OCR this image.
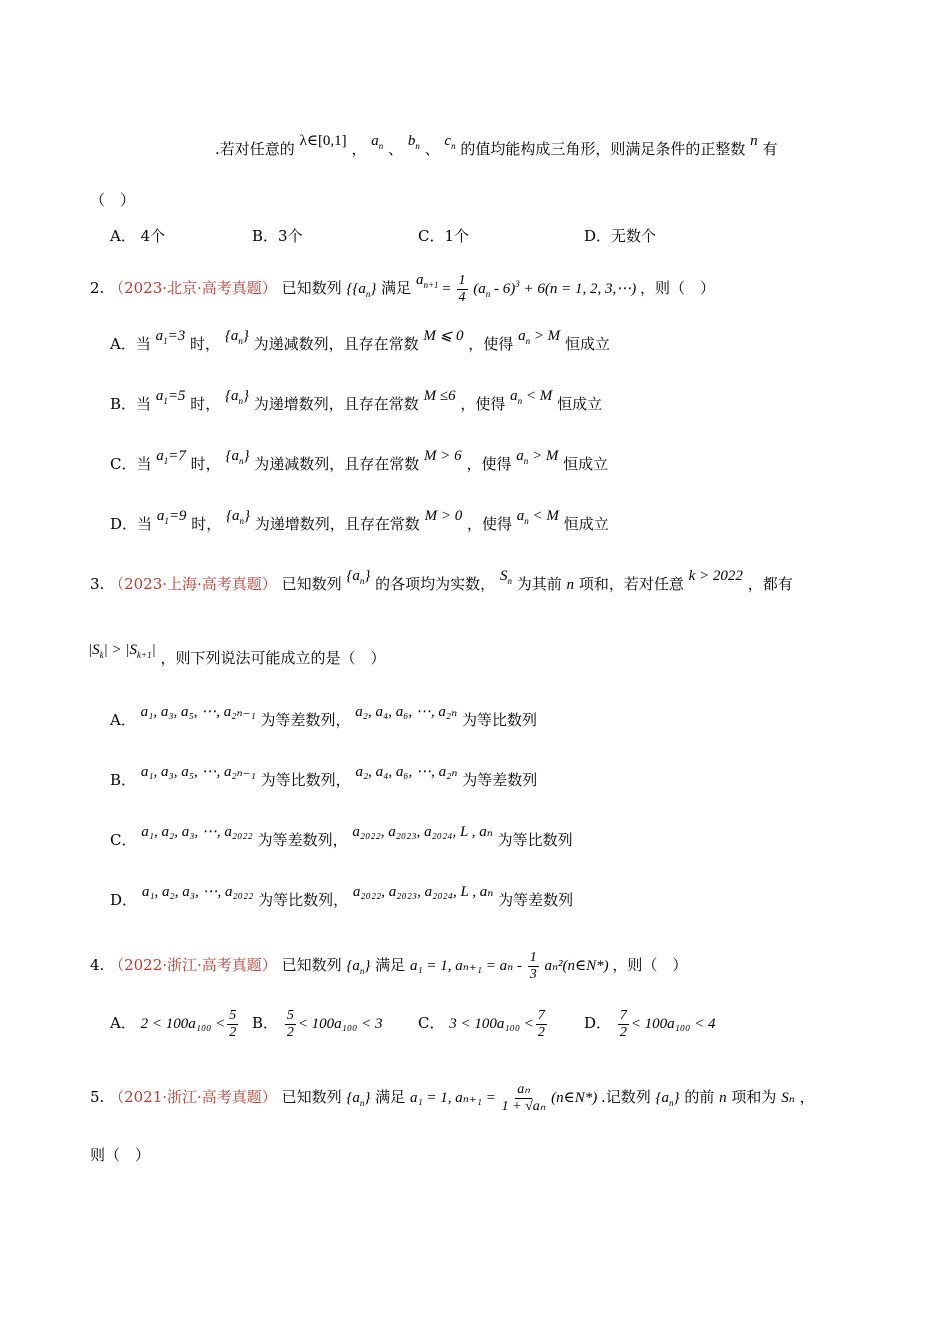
.若对任意的 λ∈[0,1] ， $a_n$ 、 $b_n$ 、 $c_n$ 的值均能构成三角形，则满足条件的正整数 n 有
（　）
A． 4个	B．3个	C．1个	D．无数个
2. （2023·北京·高考真题） 已知数列 {$\{a_n\}$ 满足 $a_{n+1} = \frac{1}{4} (a_n - 6)^3 + 6(n = 1$, 2, 3,⋯) ，则（　）
A．当 $a_1=3$ 时， $\{a_n\}$ 为递减数列，且存在常数 M ⩽ 0 ，使得 $a_n > M$ 恒成立
B．当 $a_1=5$ 时， $\{a_n\}$ 为递增数列，且存在常数 M ≤6 ，使得 $a_n < M$ 恒成立
C．当 $a_1=7$ 时， $\{a_n\}$ 为递减数列，且存在常数 M > 6 ，使得 $a_n > M$ 恒成立
D．当 $a_1=9$ 时， $\{a_n\}$ 为递增数列，且存在常数 M > 0 ，使得 $a_n < M$ 恒成立
3. （2023·上海·高考真题） 已知数列 $\{a_n\}$ 的各项均为实数， $S_n$ 为其前 n 项和，若对任意 k > 2022 ，都有
$|S_k| > |S_{k+1}|$ ，则下列说法可能成立的是（　）
A． a₁, a₃, a₅, ⋯, a₂ₙ₋₁ 为等差数列， a₂, a₄, a₆, ⋯, a₂ₙ 为等比数列
B． a₁, a₃, a₅, ⋯, a₂ₙ₋₁ 为等比数列， a₂, a₄, a₆, ⋯, a₂ₙ 为等差数列
C． a₁, a₂, a₃, ⋯, a₂₀₂₂ 为等差数列， a₂₀₂₂, a₂₀₂₃, a₂₀₂₄, L , aₙ 为等比数列
D． a₁, a₂, a₃, ⋯, a₂₀₂₂ 为等比数列， a₂₀₂₂, a₂₀₂₃, a₂₀₂₄, L , aₙ 为等差数列
4. （2022·浙江·高考真题） 已知数列 $\{a_n\}$ 满足 a₁ = 1, $a_{n+1} = a_n - \frac{1}{3}$ aₙ²(n∈N*) ，则（　）
A． $2 < 100a_{100} < \frac{5}{2}$ B． $\frac{5}{2} < 100a_{100} < 3$ C． $3 < 100a_{100} < \frac{7}{2}$ D． $\frac{7}{2} < 100a_{100} < 4$
5. （2021·浙江·高考真题） 已知数列 $\{a_n\}$ 满足 a₁ = 1, $a_{n+1} = \frac{\text{aₙ}}{\text{1 + √aₙ}}$ (n∈N*) .记数列 $\{a_n\}$ 的前 n 项和为 Sₙ ，
则（　）
